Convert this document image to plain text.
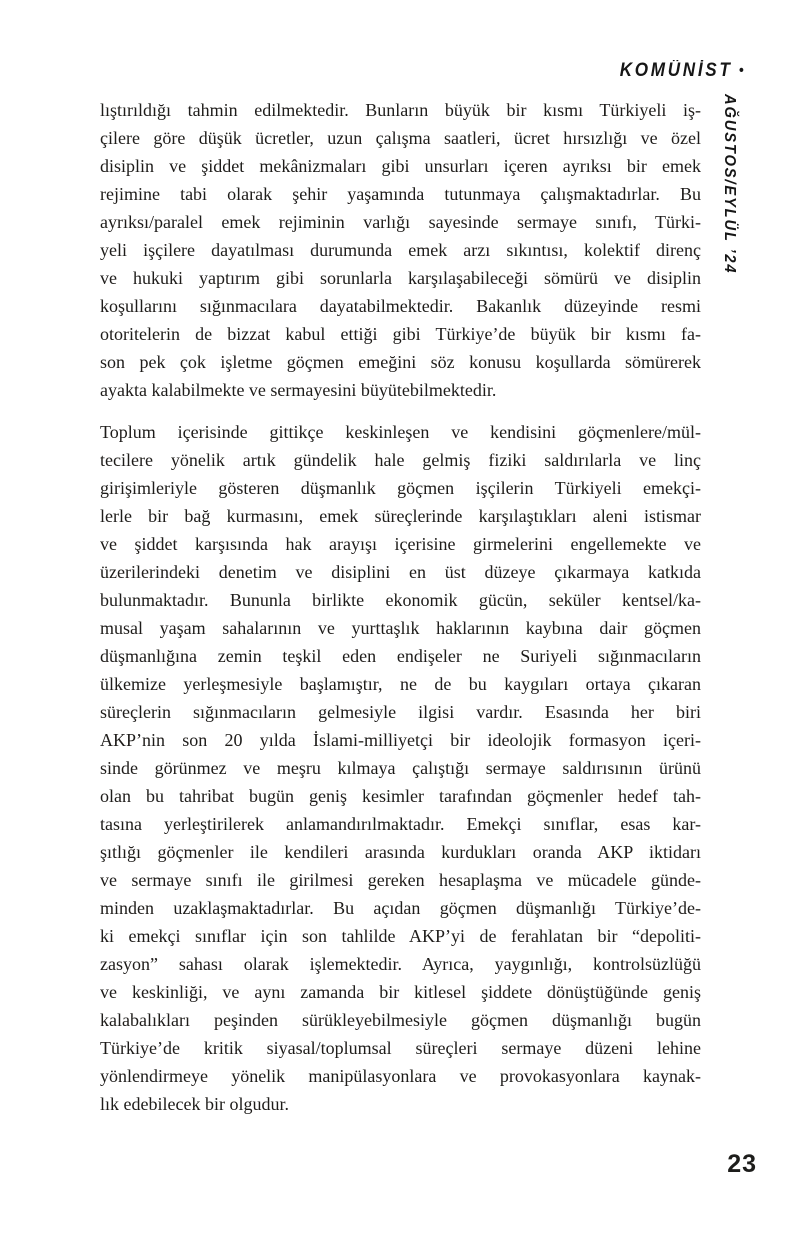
KOMÜNİST •
AĞUSTOS/EYLÜL ’24
lıştırıldığı tahmin edilmektedir. Bunların büyük bir kısmı Türkiyeli iş-
çilere göre düşük ücretler, uzun çalışma saatleri, ücret hırsızlığı ve özel
disiplin ve şiddet mekânizmaları gibi unsurları içeren ayrıksı bir emek
rejimine tabi olarak şehir yaşamında tutunmaya çalışmaktadırlar. Bu
ayrıksı/paralel emek rejiminin varlığı sayesinde sermaye sınıfı, Türki-
yeli işçilere dayatılması durumunda emek arzı sıkıntısı, kolektif direnç
ve hukuki yaptırım gibi sorunlarla karşılaşabileceği sömürü ve disiplin
koşullarını sığınmacılara dayatabilmektedir. Bakanlık düzeyinde resmi
otoritelerin de bizzat kabul ettiği gibi Türkiye’de büyük bir kısmı fa-
son pek çok işletme göçmen emeğini söz konusu koşullarda sömürerek
ayakta kalabilmekte ve sermayesini büyütebilmektedir.
Toplum içerisinde gittikçe keskinleşen ve kendisini göçmenlere/mül-
tecilere yönelik artık gündelik hale gelmiş fiziki saldırılarla ve linç
girişimleriyle gösteren düşmanlık göçmen işçilerin Türkiyeli emekçi-
lerle bir bağ kurmasını, emek süreçlerinde karşılaştıkları aleni istismar
ve şiddet karşısında hak arayışı içerisine girmelerini engellemekte ve
üzerilerindeki denetim ve disiplini en üst düzeye çıkarmaya katkıda
bulunmaktadır. Bununla birlikte ekonomik gücün, seküler kentsel/ka-
musal yaşam sahalarının ve yurttaşlık haklarının kaybına dair göçmen
düşmanlığına zemin teşkil eden endişeler ne Suriyeli sığınmacıların
ülkemize yerleşmesiyle başlamıştır, ne de bu kaygıları ortaya çıkaran
süreçlerin sığınmacıların gelmesiyle ilgisi vardır. Esasında her biri
AKP’nin son 20 yılda İslami-milliyetçi bir ideolojik formasyon içeri-
sinde görünmez ve meşru kılmaya çalıştığı sermaye saldırısının ürünü
olan bu tahribat bugün geniş kesimler tarafından göçmenler hedef tah-
tasına yerleştirilerek anlamandırılmaktadır. Emekçi sınıflar, esas kar-
şıtlığı göçmenler ile kendileri arasında kurdukları oranda AKP iktidarı
ve sermaye sınıfı ile girilmesi gereken hesaplaşma ve mücadele günde-
minden uzaklaşmaktadırlar. Bu açıdan göçmen düşmanlığı Türkiye’de-
ki emekçi sınıflar için son tahlilde AKP’yi de ferahlatan bir “depoliti-
zasyon” sahası olarak işlemektedir. Ayrıca, yaygınlığı, kontrolsüzlüğü
ve keskinliği, ve aynı zamanda bir kitlesel şiddete dönüştüğünde geniş
kalabalıkları peşinden sürükleyebilmesiyle göçmen düşmanlığı bugün
Türkiye’de kritik siyasal/toplumsal süreçleri sermaye düzeni lehine
yönlendirmeye yönelik manipülasyonlara ve provokasyonlara kaynak-
lık edebilecek bir olgudur.
23
